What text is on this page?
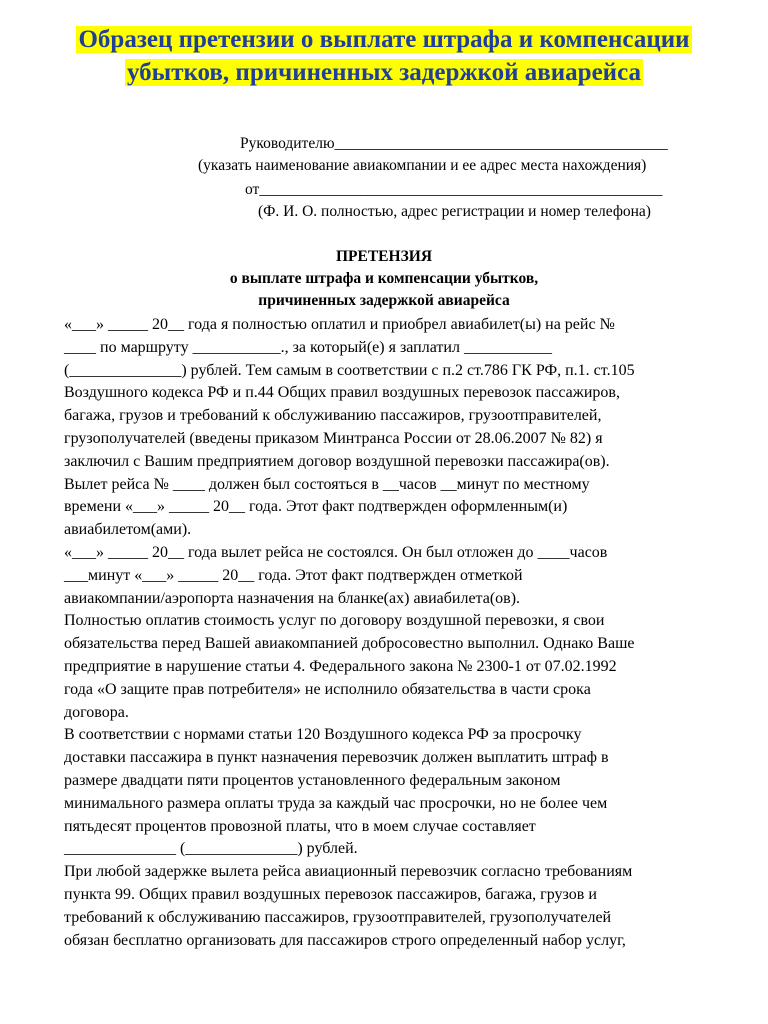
Образец претензии о выплате штрафа и компенсации
убытков, причиненных задержкой авиарейса
Руководителю___________________________________________
(указать наименование авиакомпании и ее адрес места нахождения)
от____________________________________________________
(Ф. И. О. полностью, адрес регистрации и номер телефона)
ПРЕТЕНЗИЯ
о выплате штрафа и компенсации убытков,
причиненных задержкой авиарейса
«___» _____ 20__ года я полностью оплатил и приобрел авиабилет(ы) на рейс №
____ по маршруту ___________., за который(е) я заплатил ___________
(______________) рублей. Тем самым в соответствии с п.2 ст.786 ГК РФ, п.1. ст.105
Воздушного кодекса РФ и п.44 Общих правил воздушных перевозок пассажиров,
багажа, грузов и требований к обслуживанию пассажиров, грузоотправителей,
грузополучателей (введены приказом Минтранса России от 28.06.2007 № 82) я
заключил с Вашим предприятием договор воздушной перевозки пассажира(ов).
Вылет рейса № ____ должен был состояться в __часов __минут по местному
времени «___» _____ 20__ года. Этот факт подтвержден оформленным(и)
авиабилетом(ами).
«___» _____ 20__ года вылет рейса не состоялся. Он был отложен до ____часов
___минут «___» _____ 20__ года. Этот факт подтвержден отметкой
авиакомпании/аэропорта назначения на бланке(ах) авиабилета(ов).
Полностью оплатив стоимость услуг по договору воздушной перевозки, я свои
обязательства перед Вашей авиакомпанией добросовестно выполнил. Однако Ваше
предприятие в нарушение статьи 4. Федерального закона № 2300-1 от 07.02.1992
года «О защите прав потребителя» не исполнило обязательства в части срока
договора.
В соответствии с нормами статьи 120 Воздушного кодекса РФ за просрочку
доставки пассажира в пункт назначения перевозчик должен выплатить штраф в
размере двадцати пяти процентов установленного федеральным законом
минимального размера оплаты труда за каждый час просрочки, но не более чем
пятьдесят процентов провозной платы, что в моем случае составляет
______________ (______________) рублей.
При любой задержке вылета рейса авиационный перевозчик согласно требованиям
пункта 99. Общих правил воздушных перевозок пассажиров, багажа, грузов и
требований к обслуживанию пассажиров, грузоотправителей, грузополучателей
обязан бесплатно организовать для пассажиров строго определенный набор услуг,
